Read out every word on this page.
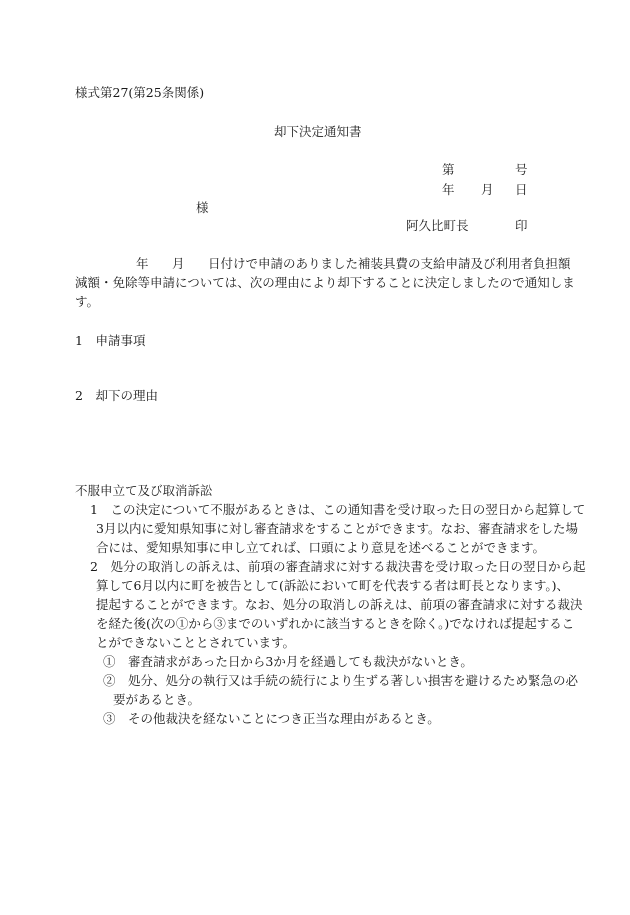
様式第27(第25条関係)
却下決定通知書
第	号
年 月 日
様
阿久比町長	印
年 月 日付けで申請のありました補装具費の支給申請及び利用者負担額
減額・免除等申請については、次の理由により却下することに決定しましたので通知しま
す。
1　申請事項
2　却下の理由
不服申立て及び取消訴訟
1　この決定について不服があるときは、この通知書を受け取った日の翌日から起算して
3月以内に愛知県知事に対し審査請求をすることができます。なお、審査請求をした場
合には、愛知県知事に申し立てれば、口頭により意見を述べることができます。
2　処分の取消しの訴えは、前項の審査請求に対する裁決書を受け取った日の翌日から起
算して6月以内に町を被告として(訴訟において町を代表する者は町長となります。)、
提起することができます。なお、処分の取消しの訴えは、前項の審査請求に対する裁決
を経た後(次の①から③までのいずれかに該当するときを除く。)でなければ提起するこ
とができないこととされています。
①　審査請求があった日から3か月を経過しても裁決がないとき。
②　処分、処分の執行又は手続の続行により生ずる著しい損害を避けるため緊急の必
要があるとき。
③　その他裁決を経ないことにつき正当な理由があるとき。
